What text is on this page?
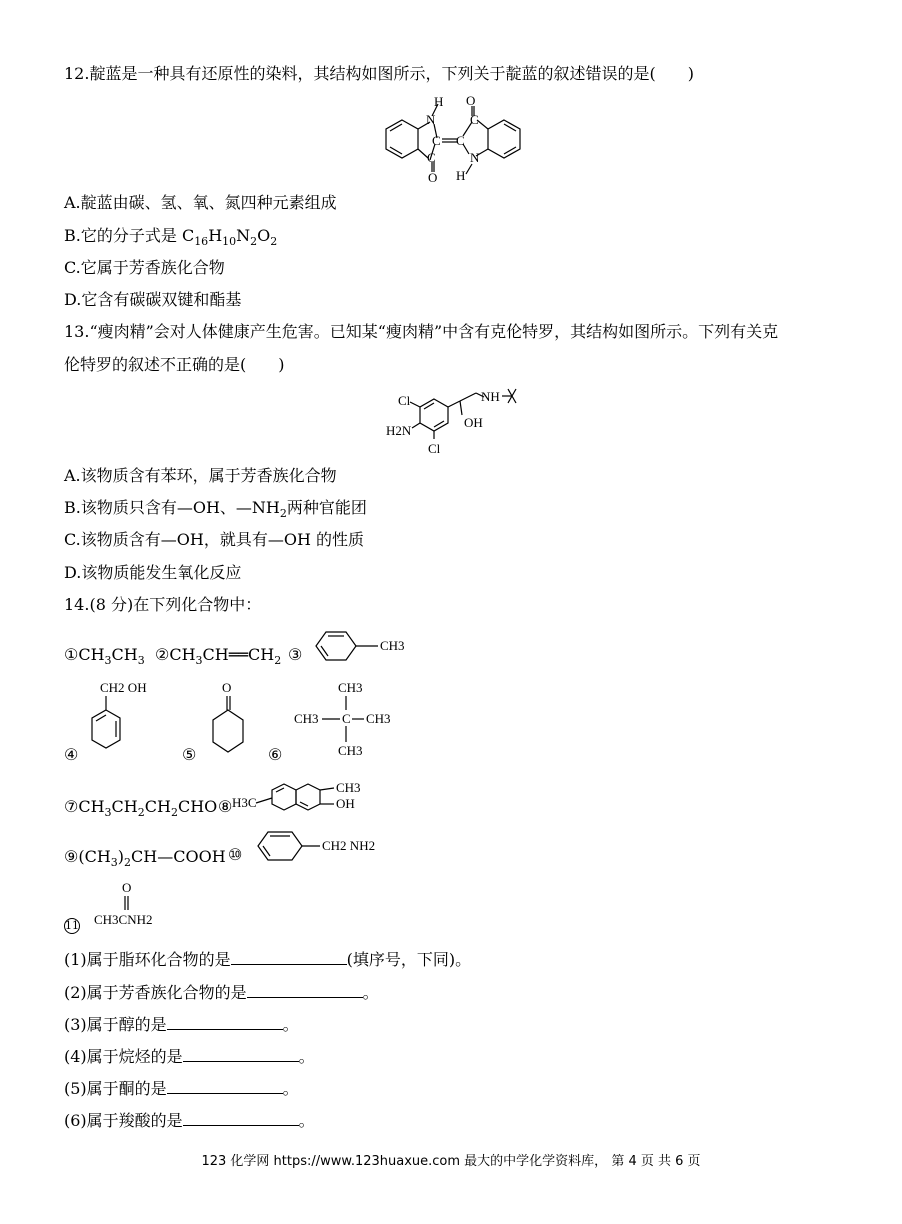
12.靛蓝是一种具有还原性的染料，其结构如图所示，下列关于靛蓝的叙述错误的是(　　)
H
N
C C
O
C
N
H
C
O
A.靛蓝由碳、氢、氧、氮四种元素组成
B.它的分子式是 $C_{16}H_{10}N_2O_2$
C.它属于芳香族化合物
D.它含有碳碳双键和酯基
13.“瘦肉精”会对人体健康产生危害。已知某“瘦肉精”中含有克伦特罗，其结构如图所示。下列有关克
伦特罗的叙述不正确的是(　　)
Cl	NH
H2N
OH
Cl
A.该物质含有苯环，属于芳香族化合物
B.该物质只含有—OH、$—NH_2$两种官能团
C.该物质含有—OH，就具有—OH 的性质
D.该物质能发生氧化反应
14.(8 分)在下列化合物中：
$①CH_3CH_3$ $②CH_3CH══CH_2$ ③	CH3
④
CH2 OH
⑤
O
⑥
CH3
CH3 C CH3
CH3
$⑦CH_3CH_2CH_2CHO$ ⑧ H3C
CH3
OH
$⑨(CH_3)_2CH—COOH$ ⑩	CH2 NH2
11
O
CH3CNH2
(1)属于脂环化合物的是	(填序号，下同)。
(2)属于芳香族化合物的是	。
(3)属于醇的是	。
(4)属于烷烃的是	。
(5)属于酮的是	。
(6)属于羧酸的是	。
123 化学网 https://www.123huaxue.com 最大的中学化学资料库， 第 4 页 共 6 页
